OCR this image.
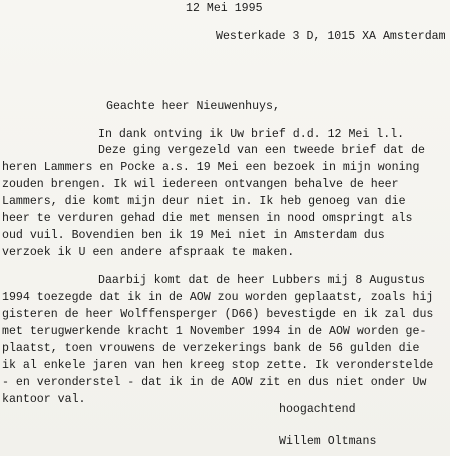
12 Mei 1995
Westerkade 3 D, 1015 XA Amsterdam
Geachte heer Nieuwenhuys,
In dank ontving ik Uw brief d.d. 12 Mei l.l.
Deze ging vergezeld van een tweede brief dat de
heren Lammers en Pocke a.s. 19 Mei een bezoek in mijn woning
zouden brengen. Ik wil iedereen ontvangen behalve de heer
Lammers, die komt mijn deur niet in. Ik heb genoeg van die
heer te verduren gehad die met mensen in nood omspringt als
oud vuil. Bovendien ben ik 19 Mei niet in Amsterdam dus
verzoek ik U een andere afspraak te maken.
Daarbij komt dat de heer Lubbers mij 8 Augustus
1994 toezegde dat ik in de AOW zou worden geplaatst, zoals hij
gisteren de heer Wolffensperger (D66) bevestigde en ik zal dus
met terugwerkende kracht 1 November 1994 in de AOW worden ge-
plaatst, toen vrouwens de verzekerings bank de 56 gulden die
ik al enkele jaren van hen kreeg stop zette. Ik veronderstelde
- en veronderstel - dat ik in de AOW zit en dus niet onder Uw
kantoor val.
hoogachtend
Willem Oltmans
